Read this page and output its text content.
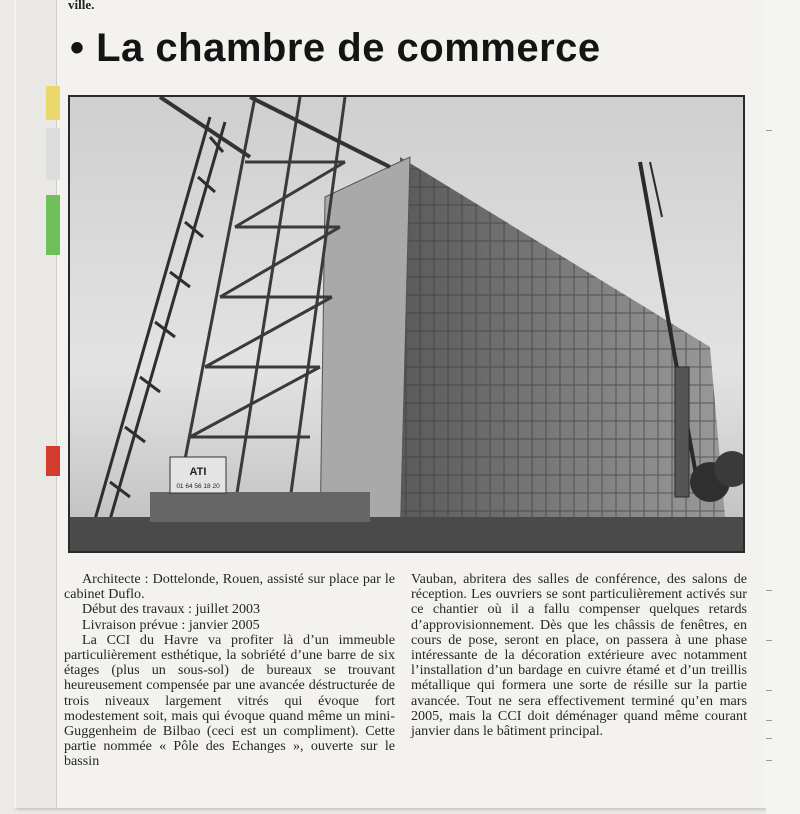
ville.
• La chambre de commerce
ATI
01 64 56 18 20

Architecte : Dottelonde, Rouen, assisté sur place par le cabinet Duflo.

Début des travaux : juillet 2003

Livraison prévue : janvier 2005

La CCI du Havre va profiter là d’un immeuble particulièrement esthétique, la sobriété d’une barre de six étages (plus un sous-sol) de bureaux se trouvant heureusement compensée par une avancée déstructurée de trois niveaux largement vitrés qui évoque fort modestement soit, mais qui évoque quand même un mini-Guggenheim de Bilbao (ceci est un compliment). Cette partie nommée « Pôle des Echanges », ouverte sur le bassin

Vauban, abritera des salles de conférence, des salons de réception. Les ouvriers se sont particulièrement activés sur ce chantier où il a fallu compenser quelques retards d’approvisionnement. Dès que les châssis de fenêtres, en cours de pose, seront en place, on passera à une phase intéressante de la décoration extérieure avec notamment l’installation d’un bardage en cuivre étamé et d’un treillis métallique qui formera une sorte de résille sur la partie avancée. Tout ne sera effectivement terminé qu’en mars 2005, mais la CCI doit déménager quand même courant janvier dans le bâtiment principal.
